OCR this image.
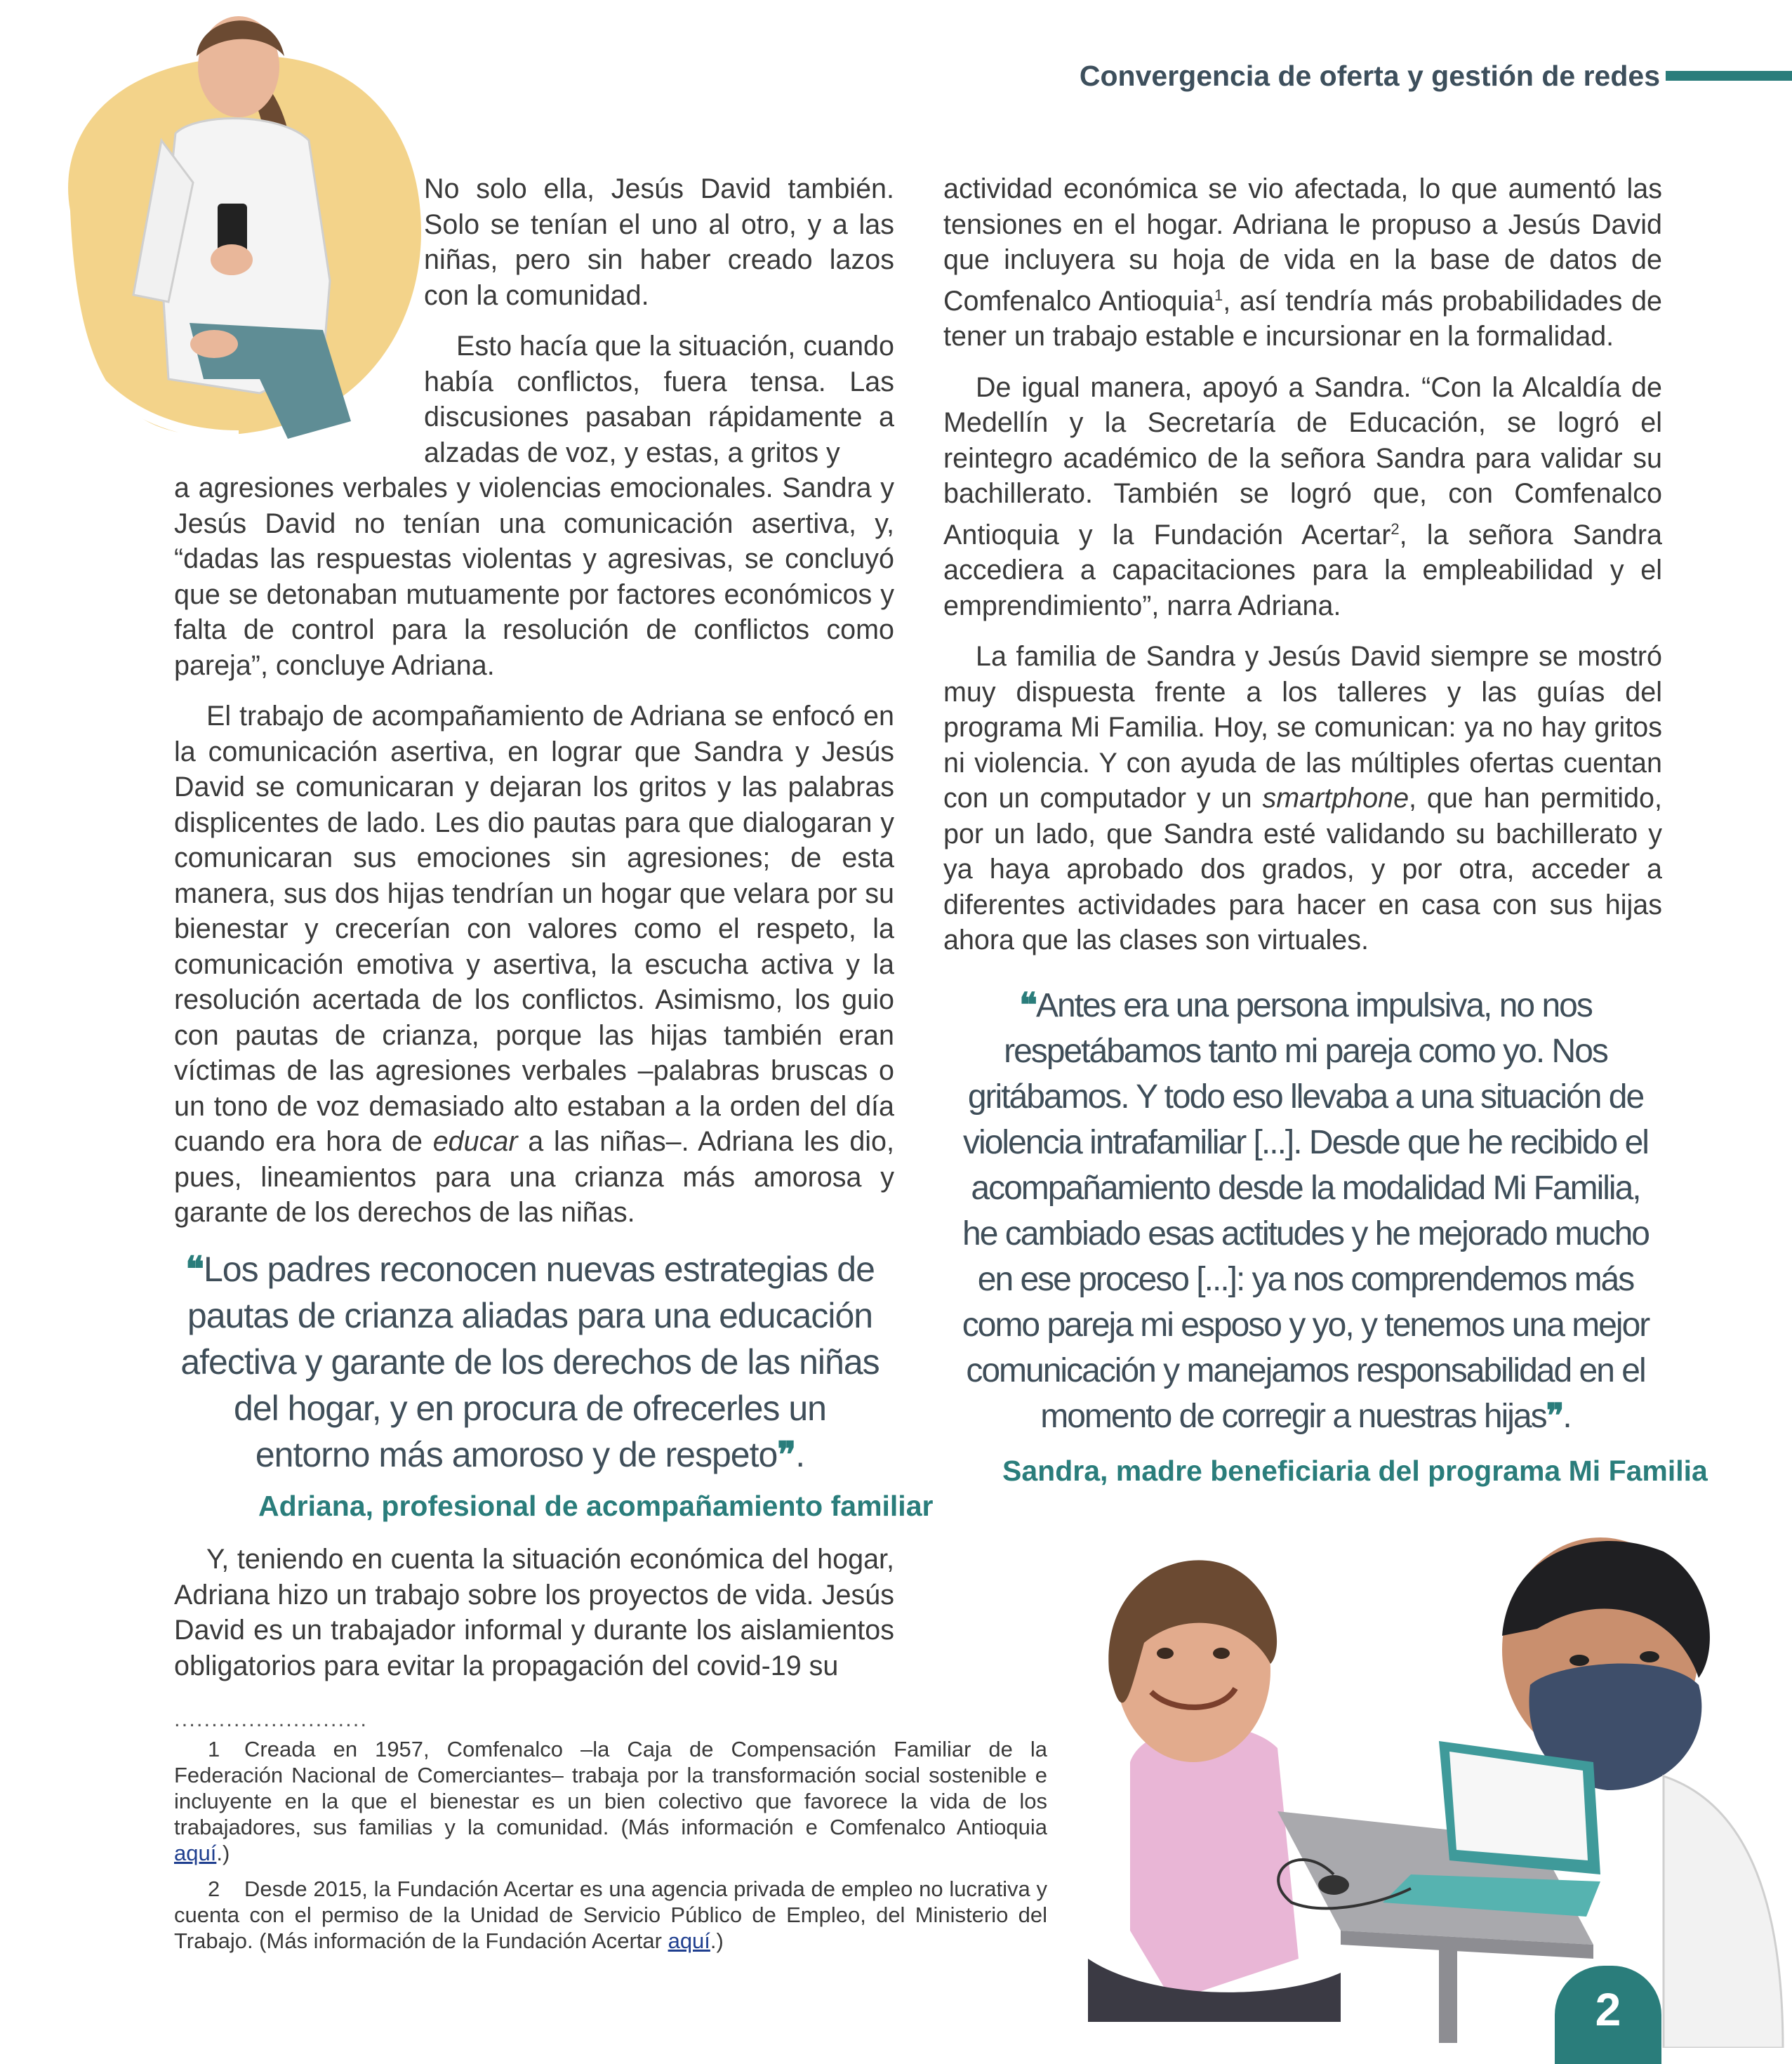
Convergencia de oferta y gestión de redes

No solo ella, Jesús David también. Solo se tenían el uno al otro, y a las niñas, pero sin haber creado lazos con la comunidad.

Esto hacía que la situación, cuando había conflictos, fuera tensa. Las discusiones pasaban rápidamente a alzadas de voz, y estas, a gritos y

a agresiones verbales y violencias emocionales. Sandra y Jesús David no tenían una comunicación asertiva, y, “dadas las respuestas violentas y agresivas, se concluyó que se detonaban mutuamente por factores económicos y falta de control para la resolución de conflictos como pareja”, concluye Adriana.

El trabajo de acompañamiento de Adriana se enfocó en la comunicación asertiva, en lograr que Sandra y Jesús David se comunicaran y dejaran los gritos y las palabras displicentes de lado. Les dio pautas para que dialogaran y comunicaran sus emociones sin agresiones; de esta manera, sus dos hijas tendrían un hogar que velara por su bienestar y crecerían con valores como el respeto, la comunicación emotiva y asertiva, la escucha activa y la resolución acertada de los conflictos. Asimismo, los guio con pautas de crianza, porque las hijas también eran víctimas de las agresiones verbales –palabras bruscas o un tono de voz demasiado alto estaban a la orden del día cuando era hora de educar a las niñas–. Adriana les dio, pues, lineamientos para una crianza más amorosa y garante de los derechos de las niñas.

❝Los padres reconocen nuevas estrategias de pautas de crianza aliadas para una educación afectiva y garante de los derechos de las niñas del hogar, y en procura de ofrecerles un entorno más amoroso y de respeto❞.
Adriana, profesional de acompañamiento familiar

Y, teniendo en cuenta la situación económica del hogar, Adriana hizo un trabajo sobre los proyectos de vida. Jesús David es un trabajador informal y durante los aislamientos obligatorios para evitar la propagación del covid-19 su

actividad económica se vio afectada, lo que aumentó las tensiones en el hogar. Adriana le propuso a Jesús David que incluyera su hoja de vida en la base de datos de Comfenalco Antioquia$^1$, así tendría más probabilidades de tener un trabajo estable e incursionar en la formalidad.

De igual manera, apoyó a Sandra. “Con la Alcaldía de Medellín y la Secretaría de Educación, se logró el reintegro académico de la señora Sandra para validar su bachillerato. También se logró que, con Comfenalco Antioquia y la Fundación Acertar$^2$, la señora Sandra accediera a capacitaciones para la empleabilidad y el emprendimiento”, narra Adriana.

La familia de Sandra y Jesús David siempre se mostró muy dispuesta frente a los talleres y las guías del programa Mi Familia. Hoy, se comunican: ya no hay gritos ni violencia. Y con ayuda de las múltiples ofertas cuentan con un computador y un smartphone, que han permitido, por un lado, que Sandra esté validando su bachillerato y ya haya aprobado dos grados, y por otra, acceder a diferentes actividades para hacer en casa con sus hijas ahora que las clases son virtuales.

❝Antes era una persona impulsiva, no nos respetábamos tanto mi pareja como yo. Nos gritábamos. Y todo eso llevaba a una situación de violencia intrafamiliar [...]. Desde que he recibido el acompañamiento desde la modalidad Mi Familia, he cambiado esas actitudes y he mejorado mucho en ese proceso [...]: ya nos comprendemos más como pareja mi esposo y yo, y tenemos una mejor comunicación y manejamos responsabilidad en el momento de corregir a nuestras hijas❞.
Sandra, madre beneficiaria del programa Mi Familia
..........................

1 Creada en 1957, Comfenalco –la Caja de Compensación Familiar de la Federación Nacional de Comerciantes– trabaja por la transformación social sostenible e incluyente en la que el bienestar es un bien colectivo que favorece la vida de los trabajadores, sus familias y la comunidad. (Más información e Comfenalco Antioquia aquí.)

2 Desde 2015, la Fundación Acertar es una agencia privada de empleo no lucrativa y cuenta con el permiso de la Unidad de Servicio Público de Empleo, del Ministerio del Trabajo. (Más información de la Fundación Acertar aquí.)

2
